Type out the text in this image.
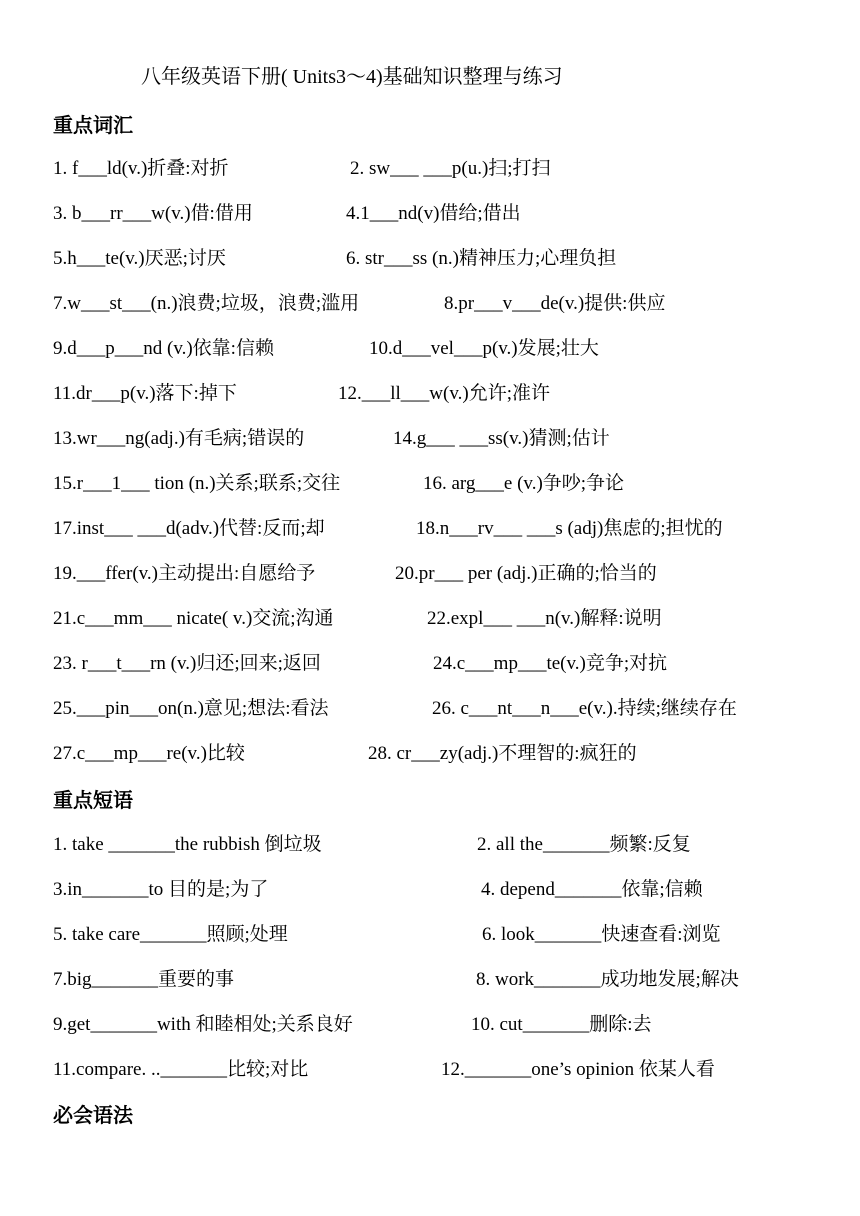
八年级英语下册( Units3～4)基础知识整理与练习
重点词汇
1. f___ld(v.)折叠:对折	2. sw___ ___p(u.)扫;打扫
3. b___rr___w(v.)借:借用	4.1___nd(v)借给;借出
5.h___te(v.)厌恶;讨厌	6. str___ss (n.)精神压力;心理负担
7.w___st___(n.)浪费;垃圾，浪费;滥用	8.pr___v___de(v.)提供:供应
9.d___p___nd (v.)依靠:信赖	10.d___vel___p(v.)发展;壮大
11.dr___p(v.)落下:掉下	12.___ll___w(v.)允许;准许
13.wr___ng(adj.)有毛病;错误的	14.g___ ___ss(v.)猜测;估计
15.r___1___ tion (n.)关系;联系;交往	16. arg___e (v.)争吵;争论
17.inst___ ___d(adv.)代替:反而;却	18.n___rv___ ___s (adj)焦虑的;担忧的
19.___ffer(v.)主动提出:自愿给予	20.pr___ per (adj.)正确的;恰当的
21.c___mm___ nicate( v.)交流;沟通	22.expl___ ___n(v.)解释:说明
23. r___t___rn (v.)归还;回来;返回	24.c___mp___te(v.)竞争;对抗
25.___pin___on(n.)意见;想法:看法	26. c___nt___n___e(v.).持续;继续存在
27.c___mp___re(v.)比较	28. cr___zy(adj.)不理智的:疯狂的
重点短语
1. take _______the rubbish 倒垃圾	2. all the_______频繁:反复
3.in_______to 目的是;为了	4. depend_______依靠;信赖
5. take care_______照顾;处理	6. look_______快速查看:浏览
7.big_______重要的事	8. work_______成功地发展;解决
9.get_______with 和睦相处;关系良好	10. cut_______删除:去
11.compare. .._______比较;对比	12._______one’s opinion 依某人看
必会语法
